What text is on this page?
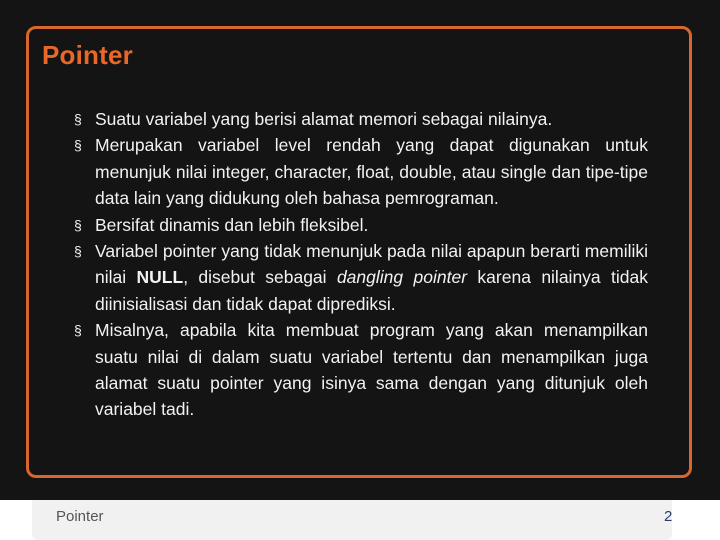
Pointer
§ Suatu variabel yang berisi alamat memori sebagai nilainya.
§ Merupakan variabel level rendah yang dapat digunakan untuk menunjuk nilai integer, character, float, double, atau single dan tipe-tipe data lain yang didukung oleh bahasa pemrograman.
§ Bersifat dinamis dan lebih fleksibel.
§ Variabel pointer yang tidak menunjuk pada nilai apapun berarti memiliki nilai NULL, disebut sebagai dangling pointer karena nilainya tidak diinisialisasi dan tidak dapat diprediksi.
§ Misalnya, apabila kita membuat program yang akan menampilkan suatu nilai di dalam suatu variabel tertentu dan menampilkan juga alamat suatu pointer yang isinya sama dengan yang ditunjuk oleh variabel tadi.
Pointer	2
